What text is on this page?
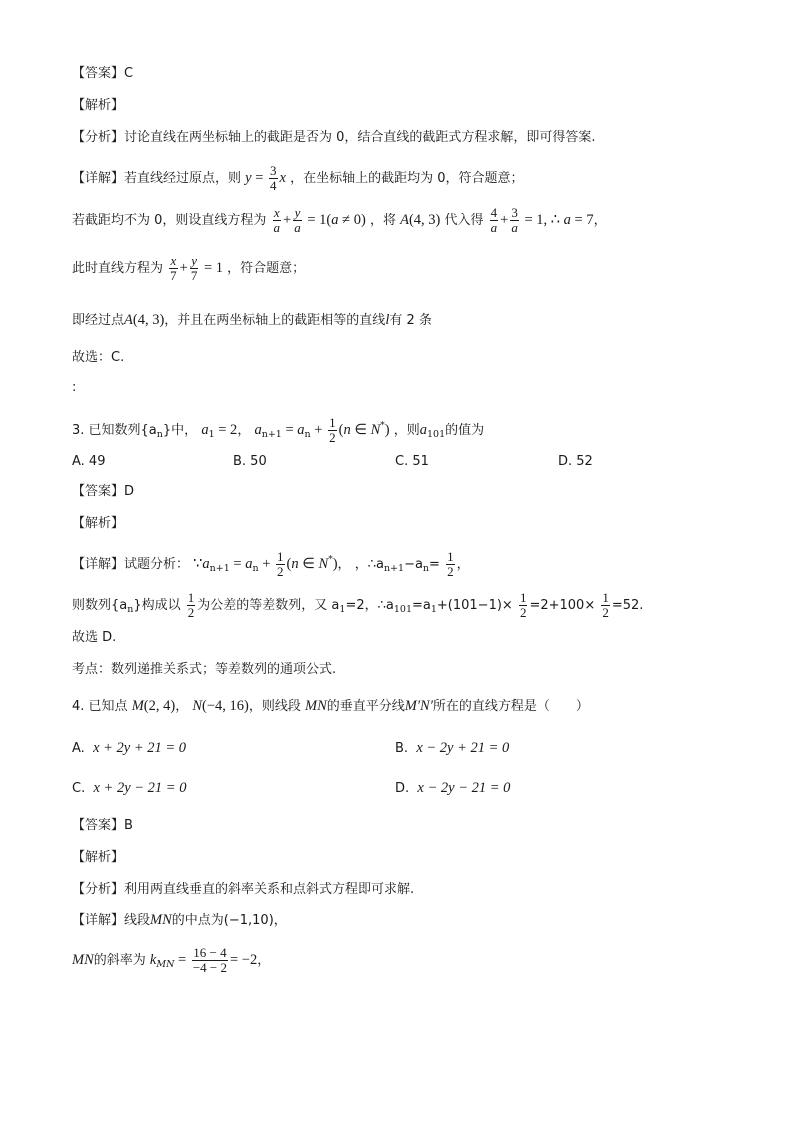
【答案】C
【解析】
【分析】讨论直线在两坐标轴上的截距是否为 0，结合直线的截距式方程求解，即可得答案.
【详解】若直线经过原点，则 $y = \frac{3}{4}$ x ，在坐标轴上的截距均为 0，符合题意；
若截距均不为 0，则设直线方程为 $\frac{x}{a} + \frac{y}{a} = 1(a \ne 0)$ ，将 A(4, 3) 代入得 $\frac{4}{a} + \frac{3}{a} = 1$, ∴ a = 7，
此时直线方程为 $\frac{x}{7} + \frac{y}{7} = 1$ ，符合题意；
即经过点A(4, 3)，并且在两坐标轴上的截距相等的直线l有 2 条
故选：C.
:
3. 已知数列$\{a_n\}$中， $a_1 = 2$， $a_{n+1} = a_n + \frac{1}{2} (n$ ∈ N*) ，则$a_{101}$的值为
A. 49	B. 50	C. 51	D. 52
【答案】D
【解析】
【详解】试题分析： $\because a_{n+1} = a_n + \frac{1}{2} (n$ ∈ N*)， ，$\therefore a_{n+1}-a_n= \frac{1}{2}$ ，
则数列$\{a_n\}$构成以 $\frac{1}{2}$ 为公差的等差数列，又 $a_1=2$，$\therefore a_{101}=a_1+(101-1)\times \frac{1}{2} =2+100\times \frac{1}{2} =52$.
故选 D.
考点：数列递推关系式；等差数列的通项公式.
4. 已知点 M(2, 4)， N(−4, 16)，则线段 MN的垂直平分线M′N′所在的直线方程是（　　）
A. x + 2y + 21 = 0	B. x − 2y + 21 = 0
C. x + 2y − 21 = 0	D. x − 2y − 21 = 0
【答案】B
【解析】
【分析】利用两直线垂直的斜率关系和点斜式方程即可求解.
【详解】线段MN的中点为(−1,10)，
MN的斜率为 $k_{MN} = \frac{16 - 4}{-4 - 2} = -2$，
